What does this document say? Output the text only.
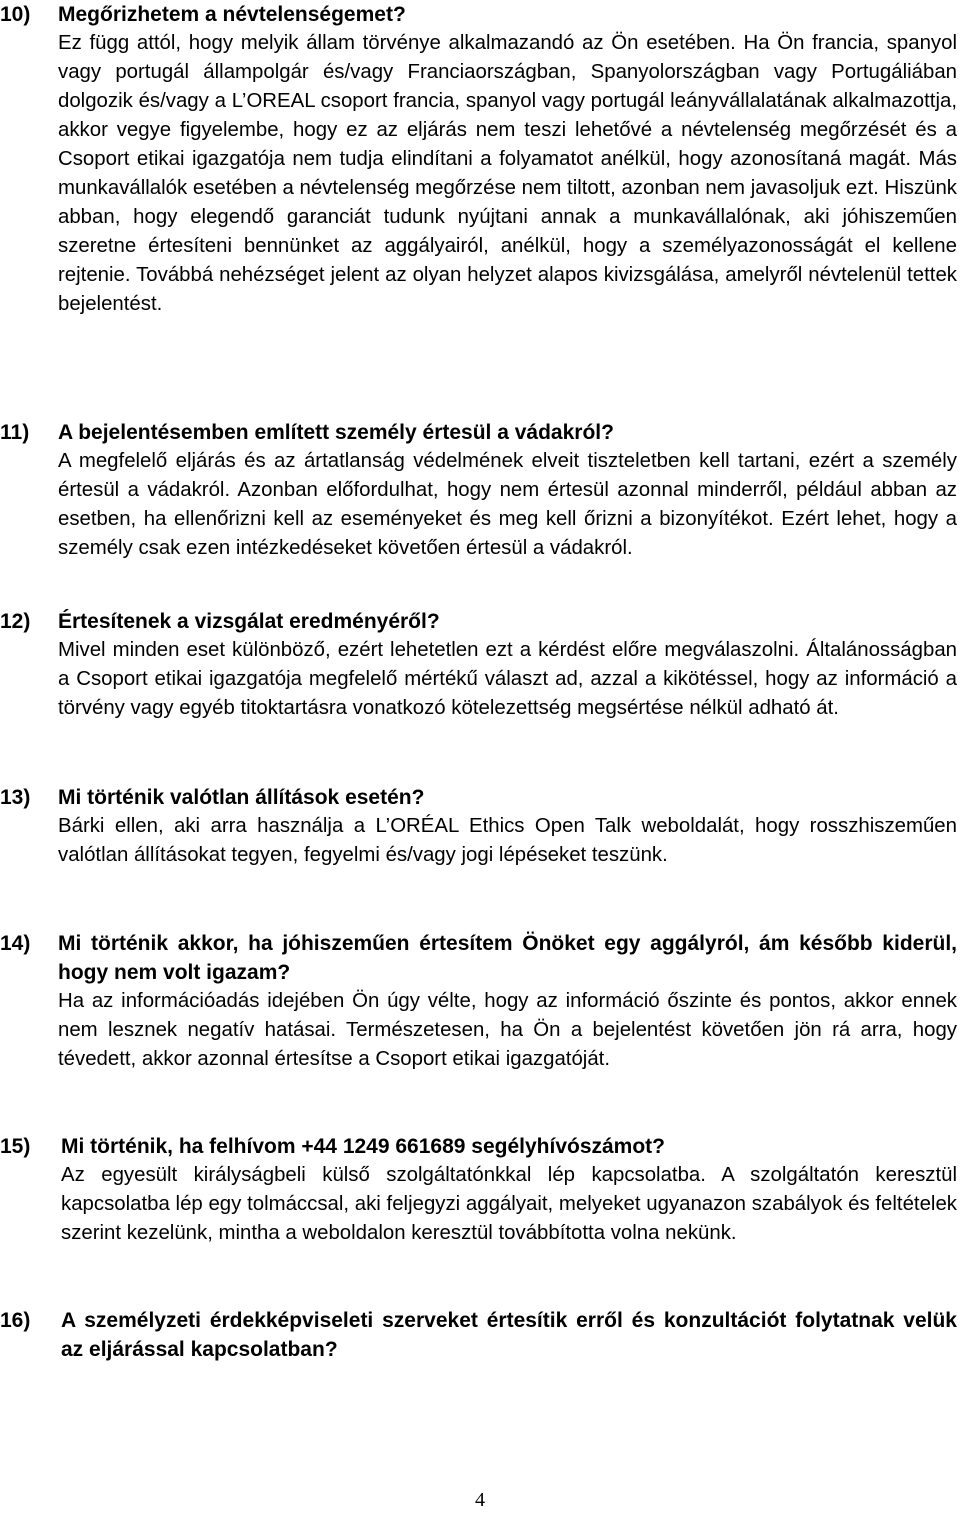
10)	Megőrizhetem a névtelenségemet?
Ez függ attól, hogy melyik állam törvénye alkalmazandó az Ön esetében. Ha Ön francia, spanyol vagy portugál állampolgár és/vagy Franciaországban, Spanyolországban vagy Portugáliában dolgozik és/vagy a L’OREAL csoport francia, spanyol vagy portugál leányvállalatának alkalmazottja, akkor vegye figyelembe, hogy ez az eljárás nem teszi lehetővé a névtelenség megőrzését és a Csoport etikai igazgatója nem tudja elindítani a folyamatot anélkül, hogy azonosítaná magát. Más munkavállalók esetében a névtelenség megőrzése nem tiltott, azonban nem javasoljuk ezt. Hiszünk abban, hogy elegendő garanciát tudunk nyújtani annak a munkavállalónak, aki jóhiszeműen szeretne értesíteni bennünket az aggályairól, anélkül, hogy a személyazonosságát el kellene rejtenie. Továbbá nehézséget jelent az olyan helyzet alapos kivizsgálása, amelyről névtelenül tettek bejelentést.
11)	A bejelentésemben említett személy értesül a vádakról?
A megfelelő eljárás és az ártatlanság védelmének elveit tiszteletben kell tartani, ezért a személy értesül a vádakról. Azonban előfordulhat, hogy nem értesül azonnal minderről, például abban az esetben, ha ellenőrizni kell az eseményeket és meg kell őrizni a bizonyítékot. Ezért lehet, hogy a személy csak ezen intézkedéseket követően értesül a vádakról.
12)	Értesítenek a vizsgálat eredményéről?
Mivel minden eset különböző, ezért lehetetlen ezt a kérdést előre megválaszolni. Általánosságban a Csoport etikai igazgatója megfelelő mértékű választ ad, azzal a kikötéssel, hogy az információ a törvény vagy egyéb titoktartásra vonatkozó kötelezettség megsértése nélkül adható át.
13)	Mi történik valótlan állítások esetén?
Bárki ellen, aki arra használja a L’ORÉAL Ethics Open Talk weboldalát, hogy rosszhiszeműen valótlan állításokat tegyen, fegyelmi és/vagy jogi lépéseket teszünk.
14)	Mi történik akkor, ha jóhiszeműen értesítem Önöket egy aggályról, ám később kiderül, hogy nem volt igazam?
Ha az információadás idejében Ön úgy vélte, hogy az információ őszinte és pontos, akkor ennek nem lesznek negatív hatásai. Természetesen, ha Ön a bejelentést követően jön rá arra, hogy tévedett, akkor azonnal értesítse a Csoport etikai igazgatóját.
15)	Mi történik, ha felhívom +44 1249 661689 segélyhívószámot?
Az egyesült királyságbeli külső szolgáltatónkkal lép kapcsolatba. A szolgáltatón keresztül kapcsolatba lép egy tolmáccsal, aki feljegyzi aggályait, melyeket ugyanazon szabályok és feltételek szerint kezelünk, mintha a weboldalon keresztül továbbította volna nekünk.
16)	A személyzeti érdekképviseleti szerveket értesítik erről és konzultációt folytatnak velük az eljárással kapcsolatban?
4
